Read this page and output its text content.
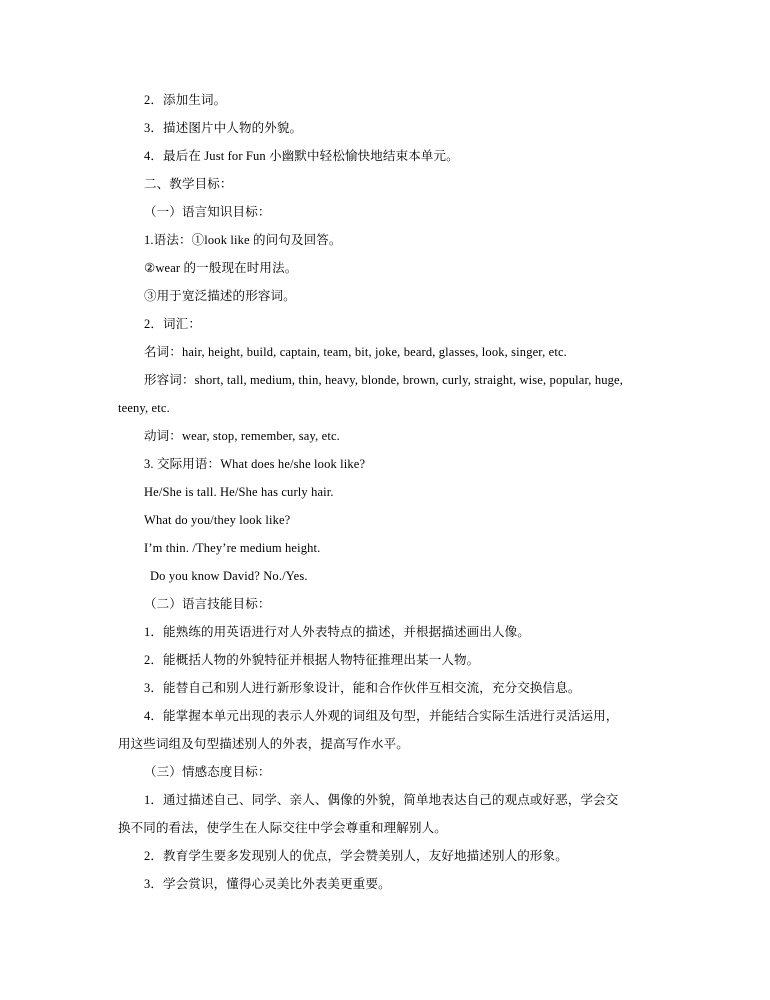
2．添加生词。
3．描述图片中人物的外貌。
4．最后在 Just for Fun 小幽默中轻松愉快地结束本单元。
二、教学目标：
（一）语言知识目标：
1.语法：①look like 的问句及回答。
②wear 的一般现在时用法。
③用于宽泛描述的形容词。
2．词汇：
名词：hair, height, build, captain, team, bit, joke, beard, glasses, look, singer, etc.
形容词：short, tall, medium, thin, heavy, blonde, brown, curly, straight, wise, popular, huge,
teeny, etc.
动词：wear, stop, remember, say, etc.
3. 交际用语：What does he/she look like?
He/She is tall. He/She has curly hair.
What do you/they look like?
I’m thin. /They’re medium height.
Do you know David? No./Yes.
（二）语言技能目标：
1．能熟练的用英语进行对人外表特点的描述，并根据描述画出人像。
2．能概括人物的外貌特征并根据人物特征推理出某一人物。
3．能替自己和别人进行新形象设计，能和合作伙伴互相交流，充分交换信息。
4．能掌握本单元出现的表示人外观的词组及句型，并能结合实际生活进行灵活运用，
用这些词组及句型描述别人的外表，提高写作水平。
（三）情感态度目标：
1．通过描述自己、同学、亲人、偶像的外貌，简单地表达自己的观点或好恶，学会交
换不同的看法，使学生在人际交往中学会尊重和理解别人。
2．教育学生要多发现别人的优点，学会赞美别人，友好地描述别人的形象。
3．学会赏识，懂得心灵美比外表美更重要。
